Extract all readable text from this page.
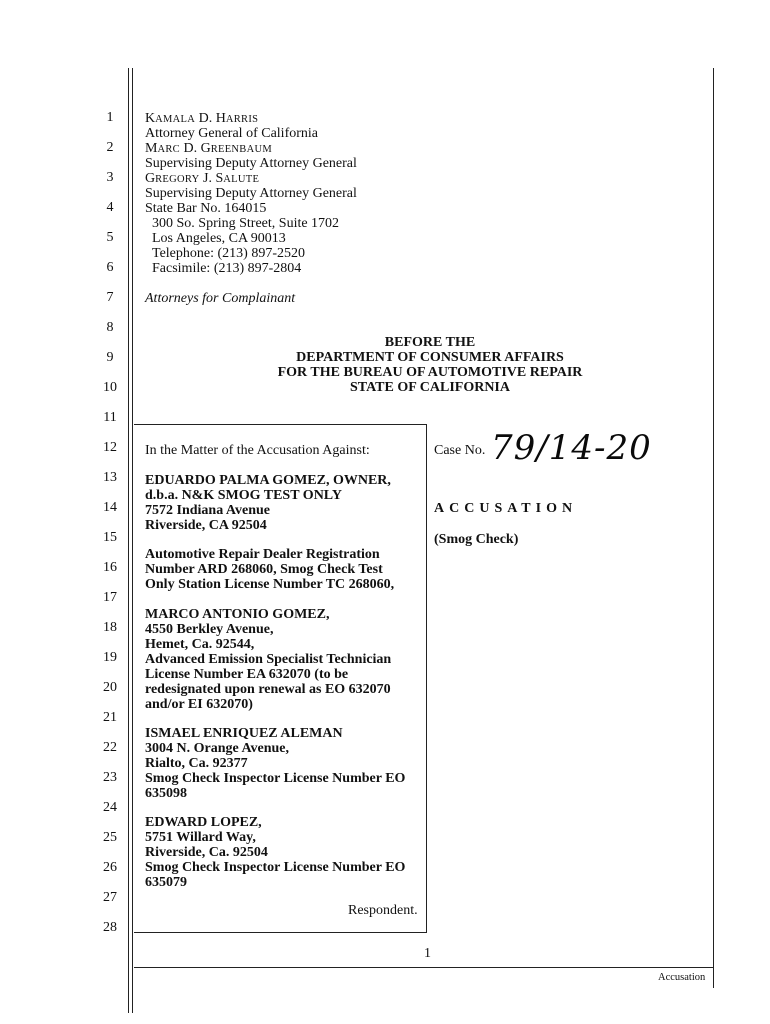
1
2
3
4
5
6
7
8
9
10
11
12
13
14
15
16
17
18
19
20
21
22
23
24
25
26
27
28
KAMALA D. HARRIS
Attorney General of California
MARC D. GREENBAUM
Supervising Deputy Attorney General
GREGORY J. SALUTE
Supervising Deputy Attorney General
State Bar No. 164015
300 So. Spring Street, Suite 1702
Los Angeles, CA 90013
Telephone: (213) 897-2520
Facsimile: (213) 897-2804
Attorneys for Complainant
BEFORE THE
DEPARTMENT OF CONSUMER AFFAIRS
FOR THE BUREAU OF AUTOMOTIVE REPAIR
STATE OF CALIFORNIA
In the Matter of the Accusation Against:
EDUARDO PALMA GOMEZ, OWNER,
d.b.a. N&K SMOG TEST ONLY
7572 Indiana Avenue
Riverside, CA 92504
Automotive Repair Dealer Registration
Number ARD 268060, Smog Check Test
Only Station License Number TC 268060,
MARCO ANTONIO GOMEZ,
4550 Berkley Avenue,
Hemet, Ca. 92544,
Advanced Emission Specialist Technician
License Number EA 632070 (to be
redesignated upon renewal as EO 632070
and/or EI 632070)
ISMAEL ENRIQUEZ ALEMAN
3004 N. Orange Avenue,
Rialto, Ca. 92377
Smog Check Inspector License Number EO
635098
EDWARD LOPEZ,
5751 Willard Way,
Riverside, Ca. 92504
Smog Check Inspector License Number EO
635079
Respondent.
Case No. 79/14-20
ACCUSATION
(Smog Check)
1
Accusation
